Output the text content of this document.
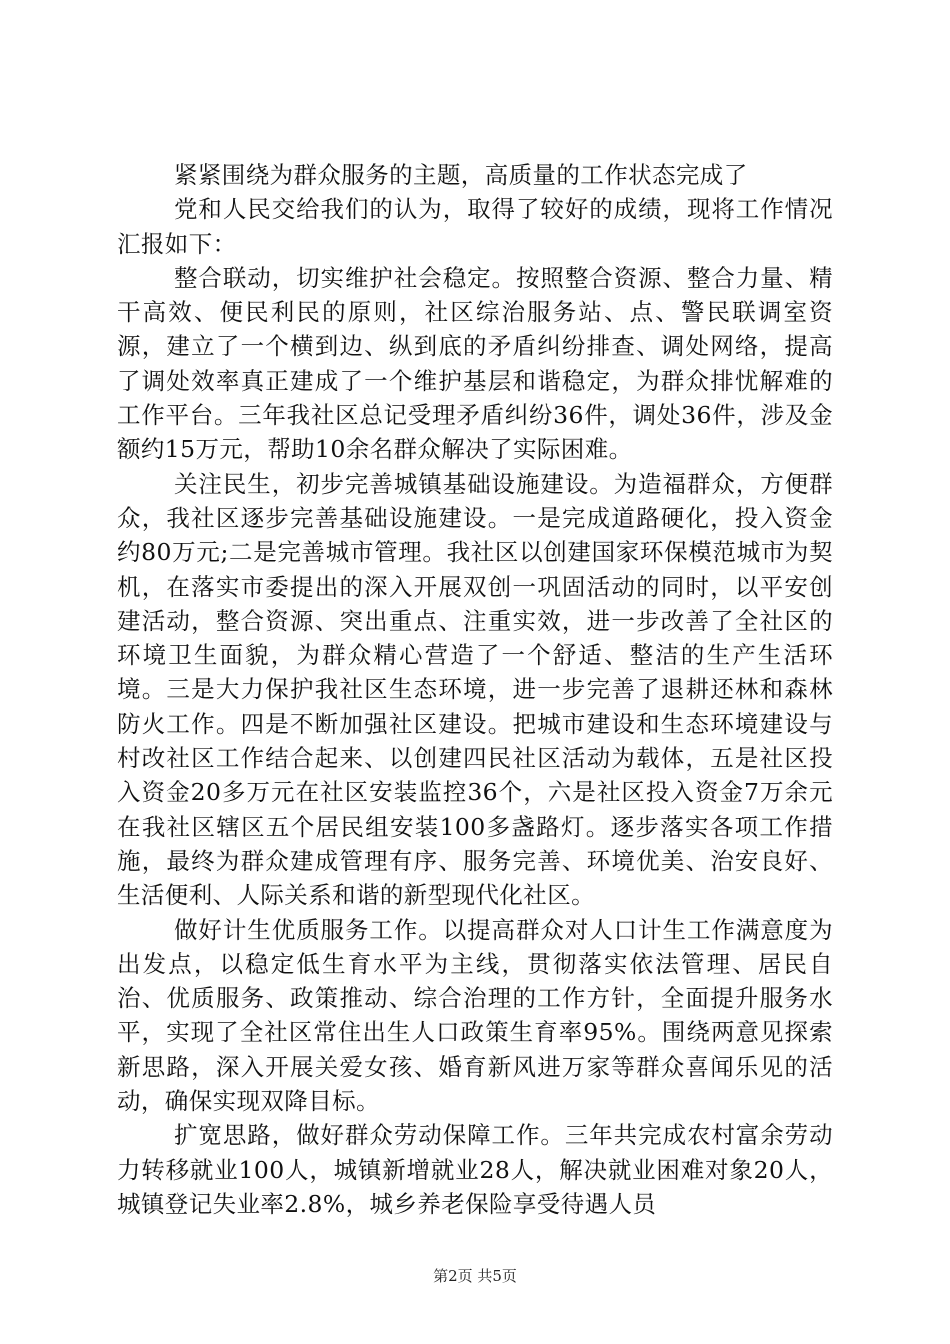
紧紧围绕为群众服务的主题，高质量的工作状态完成了

党和人民交给我们的认为，取得了较好的成绩，现将工作情况汇报如下：

整合联动，切实维护社会稳定。按照整合资源、整合力量、精干高效、便民利民的原则，社区综治服务站、点、警民联调室资源，建立了一个横到边、纵到底的矛盾纠纷排查、调处网络，提高了调处效率真正建成了一个维护基层和谐稳定，为群众排忧解难的工作平台。三年我社区总记受理矛盾纠纷36件，调处36件，涉及金额约15万元，帮助10余名群众解决了实际困难。

关注民生，初步完善城镇基础设施建设。为造福群众，方便群众，我社区逐步完善基础设施建设。一是完成道路硬化，投入资金约80万元;二是完善城市管理。我社区以创建国家环保模范城市为契机，在落实市委提出的深入开展双创一巩固活动的同时，以平安创建活动，整合资源、突出重点、注重实效，进一步改善了全社区的环境卫生面貌，为群众精心营造了一个舒适、整洁的生产生活环境。三是大力保护我社区生态环境，进一步完善了退耕还林和森林防火工作。四是不断加强社区建设。把城市建设和生态环境建设与村改社区工作结合起来、以创建四民社区活动为载体，五是社区投入资金20多万元在社区安装监控36个，六是社区投入资金7万余元在我社区辖区五个居民组安装100多盏路灯。逐步落实各项工作措施，最终为群众建成管理有序、服务完善、环境优美、治安良好、生活便利、人际关系和谐的新型现代化社区。

做好计生优质服务工作。以提高群众对人口计生工作满意度为出发点，以稳定低生育水平为主线，贯彻落实依法管理、居民自治、优质服务、政策推动、综合治理的工作方针，全面提升服务水平，实现了全社区常住出生人口政策生育率95%。围绕两意见探索新思路，深入开展关爱女孩、婚育新风进万家等群众喜闻乐见的活动，确保实现双降目标。

扩宽思路，做好群众劳动保障工作。三年共完成农村富余劳动力转移就业100人，城镇新增就业28人，解决就业困难对象20人，城镇登记失业率2.8%，城乡养老保险享受待遇人员

第2页 共5页
